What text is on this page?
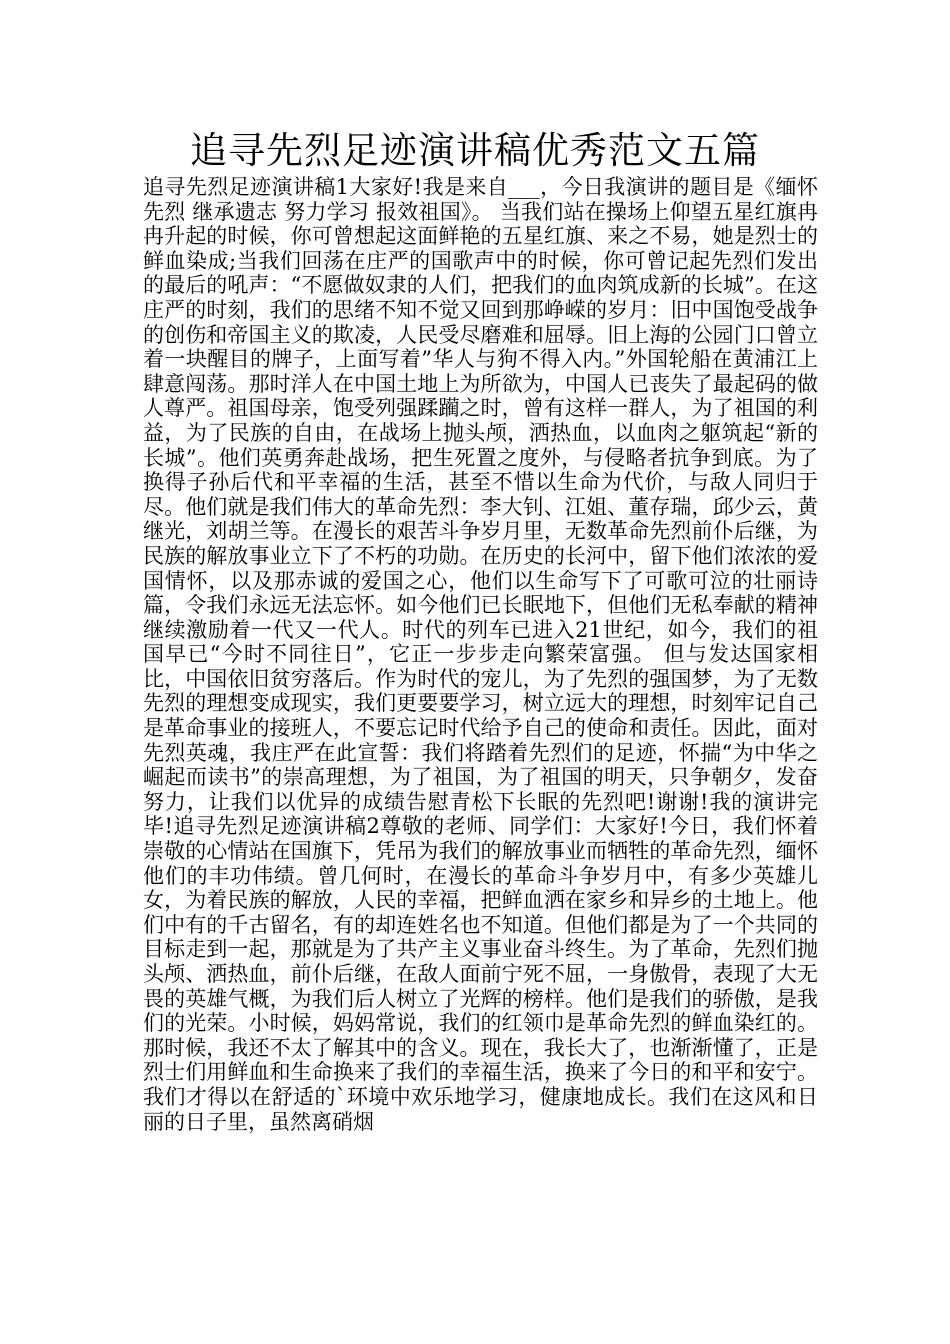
追寻先烈足迹演讲稿优秀范文五篇

追寻先烈足迹演讲稿1大家好!我是来自___，今日我演讲的题目是《缅怀先烈 继承遗志 努力学习 报效祖国》。 当我们站在操场上仰望五星红旗冉冉升起的时候，你可曾想起这面鲜艳的五星红旗、来之不易，她是烈士的鲜血染成;当我们回荡在庄严的国歌声中的时候，你可曾记起先烈们发出的最后的吼声：“不愿做奴隶的人们，把我们的血肉筑成新的长城”。在这庄严的时刻，我们的思绪不知不觉又回到那峥嵘的岁月：旧中国饱受战争的创伤和帝国主义的欺凌，人民受尽磨难和屈辱。旧上海的公园门口曾立着一块醒目的牌子，上面写着”华人与狗不得入内。”外国轮船在黄浦江上肆意闯荡。那时洋人在中国土地上为所欲为，中国人已丧失了最起码的做人尊严。祖国母亲，饱受列强蹂躏之时，曾有这样一群人，为了祖国的利益，为了民族的自由，在战场上抛头颅，洒热血，以血肉之躯筑起“新的长城”。他们英勇奔赴战场，把生死置之度外，与侵略者抗争到底。为了换得子孙后代和平幸福的生活，甚至不惜以生命为代价，与敌人同归于尽。他们就是我们伟大的革命先烈：李大钊、江姐、董存瑞，邱少云，黄继光，刘胡兰等。在漫长的艰苦斗争岁月里，无数革命先烈前仆后继，为民族的解放事业立下了不朽的功勋。在历史的长河中，留下他们浓浓的爱国情怀，以及那赤诚的爱国之心，他们以生命写下了可歌可泣的壮丽诗篇，令我们永远无法忘怀。如今他们已长眠地下，但他们无私奉献的精神继续激励着一代又一代人。时代的列车已进入21世纪，如今，我们的祖国早已“今时不同往日”，它正一步步走向繁荣富强。 但与发达国家相比，中国依旧贫穷落后。作为时代的宠儿，为了先烈的强国梦，为了无数先烈的理想变成现实，我们更要要学习，树立远大的理想，时刻牢记自己是革命事业的接班人，不要忘记时代给予自己的使命和责任。因此，面对先烈英魂，我庄严在此宣誓：我们将踏着先烈们的足迹，怀揣“为中华之崛起而读书”的崇高理想，为了祖国，为了祖国的明天，只争朝夕，发奋努力，让我们以优异的成绩告慰青松下长眠的先烈吧!谢谢!我的演讲完毕!追寻先烈足迹演讲稿2尊敬的老师、同学们：大家好!今日，我们怀着崇敬的心情站在国旗下，凭吊为我们的解放事业而牺牲的革命先烈，缅怀他们的丰功伟绩。曾几何时，在漫长的革命斗争岁月中，有多少英雄儿女，为着民族的解放，人民的幸福，把鲜血洒在家乡和异乡的土地上。他们中有的千古留名，有的却连姓名也不知道。但他们都是为了一个共同的目标走到一起，那就是为了共产主义事业奋斗终生。为了革命，先烈们抛头颅、洒热血，前仆后继，在敌人面前宁死不屈，一身傲骨，表现了大无畏的英雄气概，为我们后人树立了光辉的榜样。他们是我们的骄傲，是我们的光荣。小时候，妈妈常说，我们的红领巾是革命先烈的鲜血染红的。那时候，我还不太了解其中的含义。现在，我长大了，也渐渐懂了，正是烈士们用鲜血和生命换来了我们的幸福生活，换来了今日的和平和安宁。我们才得以在舒适的`环境中欢乐地学习，健康地成长。我们在这风和日丽的日子里，虽然离硝烟
